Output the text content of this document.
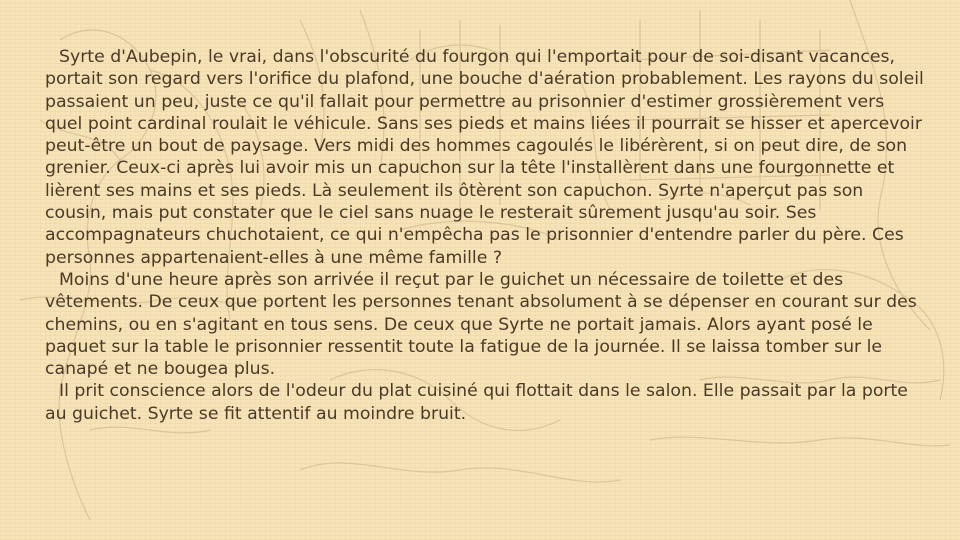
Syrte d'Aubepin, le vrai, dans l'obscurité du fourgon qui l'emportait pour de soi-disant vacances, portait son regard vers l'orifice du plafond, une bouche d'aération probablement. Les rayons du soleil passaient un peu, juste ce qu'il fallait pour permettre au prisonnier d'estimer grossièrement vers quel point cardinal roulait le véhicule. Sans ses pieds et mains liées il pourrait se hisser et apercevoir peut-être un bout de paysage. Vers midi des hommes cagoulés le libérèrent, si on peut dire, de son grenier. Ceux-ci après lui avoir mis un capuchon sur la tête l'installèrent dans une fourgonnette et lièrent ses mains et ses pieds. Là seulement ils ôtèrent son capuchon. Syrte n'aperçut pas son cousin, mais put constater que le ciel sans nuage le resterait sûrement jusqu'au soir. Ses accompagnateurs chuchotaient, ce qui n'empêcha pas le prisonnier d'entendre parler du père. Ces personnes appartenaient-elles à une même famille ?

Moins d'une heure après son arrivée il reçut par le guichet un nécessaire de toilette et des vêtements. De ceux que portent les personnes tenant absolument à se dépenser en courant sur des chemins, ou en s'agitant en tous sens. De ceux que Syrte ne portait jamais. Alors ayant posé le paquet sur la table le prisonnier ressentit toute la fatigue de la journée. Il se laissa tomber sur le canapé et ne bougea plus.

Il prit conscience alors de l'odeur du plat cuisiné qui flottait dans le salon. Elle passait par la porte au guichet. Syrte se fit attentif au moindre bruit.
